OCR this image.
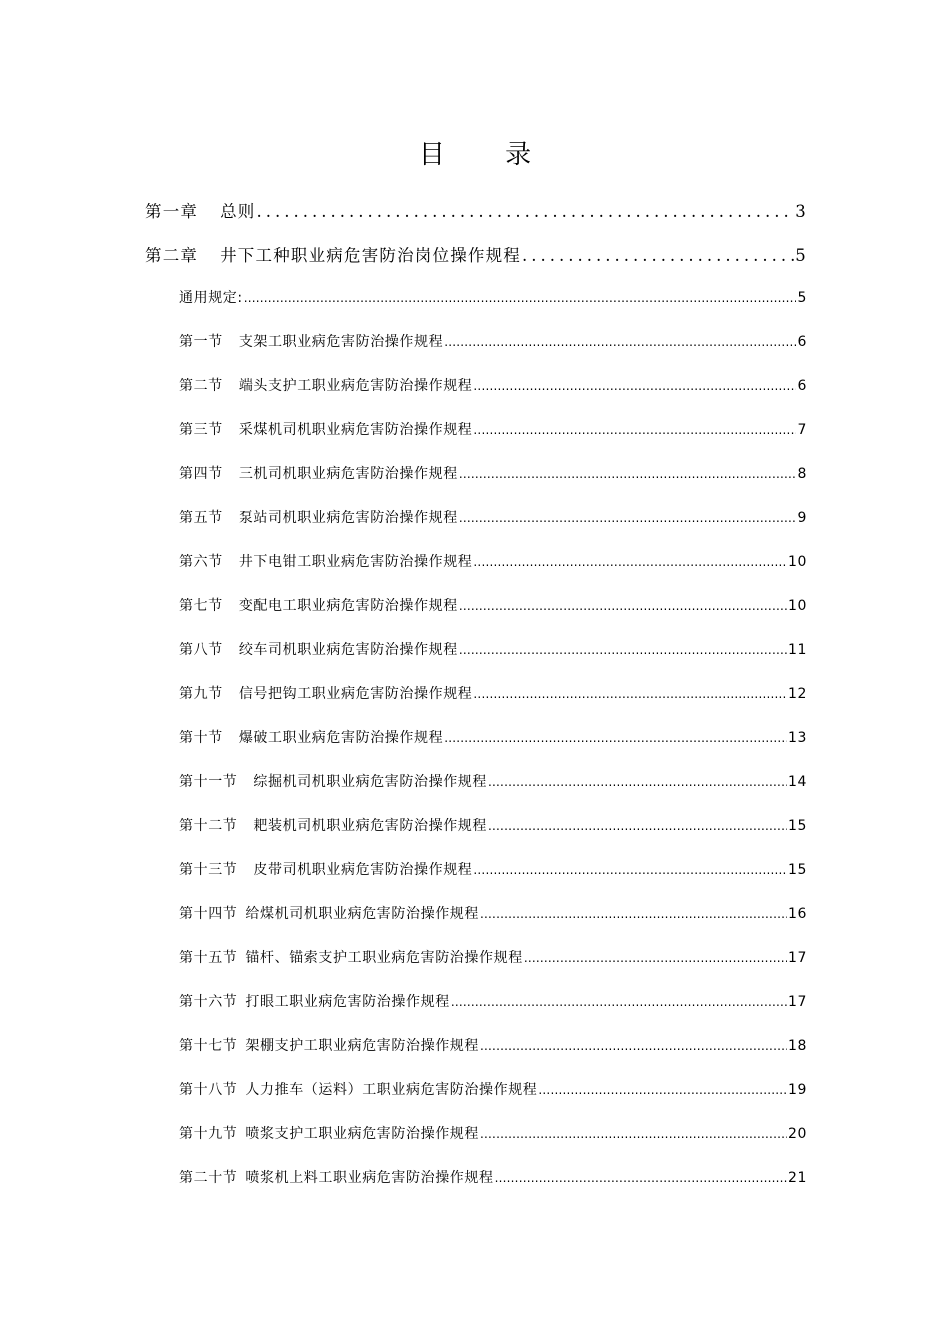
目 录
第一章 总则 .....	3
第二章 井下工种职业病危害防治岗位操作规程 .....	5
通用规定: .....	5
第一节 支架工职业病危害防治操作规程 .....	6
第二节 端头支护工职业病危害防治操作规程 .....	6
第三节 采煤机司机职业病危害防治操作规程 .....	7
第四节 三机司机职业病危害防治操作规程 .....	8
第五节 泵站司机职业病危害防治操作规程 .....	9
第六节 井下电钳工职业病危害防治操作规程 .....	10
第七节 变配电工职业病危害防治操作规程 .....	10
第八节 绞车司机职业病危害防治操作规程 .....	11
第九节 信号把钩工职业病危害防治操作规程 .....	12
第十节 爆破工职业病危害防治操作规程 .....	13
第十一节 综掘机司机职业病危害防治操作规程 .....	14
第十二节 耙装机司机职业病危害防治操作规程 .....	15
第十三节 皮带司机职业病危害防治操作规程 .....	15
第十四节 给煤机司机职业病危害防治操作规程 .....	16
第十五节 锚杆、锚索支护工职业病危害防治操作规程 .....	17
第十六节 打眼工职业病危害防治操作规程 .....	17
第十七节 架棚支护工职业病危害防治操作规程 .....	18
第十八节 人力推车（运料）工职业病危害防治操作规程 .....	19
第十九节 喷浆支护工职业病危害防治操作规程 .....	20
第二十节 喷浆机上料工职业病危害防治操作规程 .....	21
